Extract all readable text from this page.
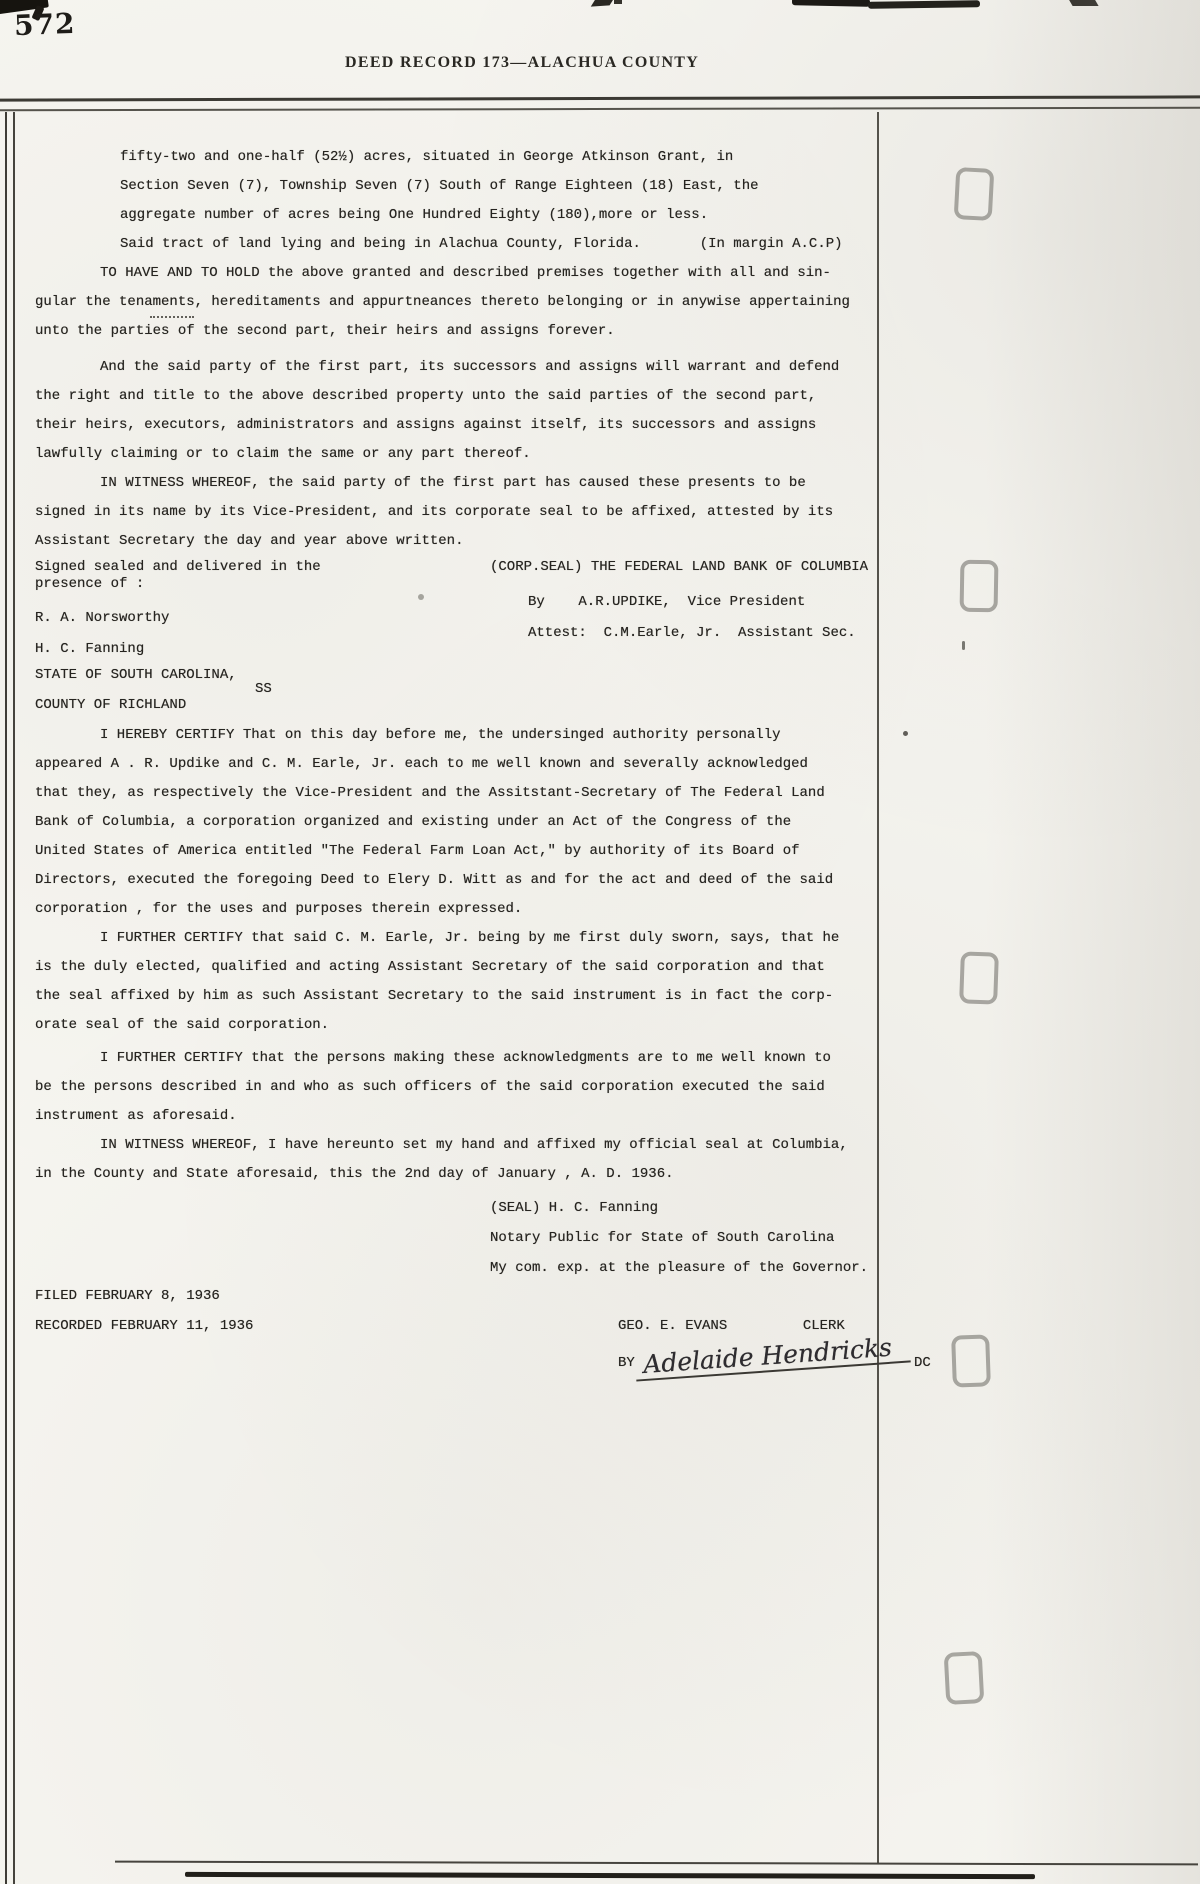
572
DEED RECORD 173—ALACHUA COUNTY
fifty-two and one-half (52½) acres, situated in George Atkinson Grant, in
Section Seven (7), Township Seven (7) South of Range Eighteen (18) East, the
aggregate number of acres being One Hundred Eighty (180),more or less.
Said tract of land lying and being in Alachua County, Florida.       (In margin A.C.P)
TO HAVE AND TO HOLD the above granted and described premises together with all and sin-
gular the tenaments, hereditaments and appurtneances thereto belonging or in anywise appertaining
unto the parties of the second part, their heirs and assigns forever.
And the said party of the first part, its successors and assigns will warrant and defend
the right and title to the above described property unto the said parties of the second part,
their heirs, executors, administrators and assigns against itself, its successors and assigns
lawfully claiming or to claim the same or any part thereof.
IN WITNESS WHEREOF, the said party of the first part has caused these presents to be
signed in its name by its Vice-President, and its corporate seal to be affixed, attested by its
Assistant Secretary the day and year above written.
Signed sealed and delivered in the	(CORP.SEAL) THE FEDERAL LAND BANK OF COLUMBIA
presence of :
By    A.R.UPDIKE,  Vice President
R. A. Norsworthy
Attest:  C.M.Earle, Jr.  Assistant Sec.
H. C. Fanning
STATE OF SOUTH CAROLINA,
SS
COUNTY OF RICHLAND
I HEREBY CERTIFY That on this day before me, the undersinged authority personally
appeared A . R. Updike and C. M. Earle, Jr. each to me well known and severally acknowledged
that they, as respectively the Vice-President and the Assitstant-Secretary of The Federal Land
Bank of Columbia, a corporation organized and existing under an Act of the Congress of the
United States of America entitled "The Federal Farm Loan Act," by authority of its Board of
Directors, executed the foregoing Deed to Elery D. Witt as and for the act and deed of the said
corporation , for the uses and purposes therein expressed.
I FURTHER CERTIFY that said C. M. Earle, Jr. being by me first duly sworn, says, that he
is the duly elected, qualified and acting Assistant Secretary of the said corporation and that
the seal affixed by him as such Assistant Secretary to the said instrument is in fact the corp-
orate seal of the said corporation.
I FURTHER CERTIFY that the persons making these acknowledgments are to me well known to
be the persons described in and who as such officers of the said corporation executed the said
instrument as aforesaid.
IN WITNESS WHEREOF, I have hereunto set my hand and affixed my official seal at Columbia,
in the County and State aforesaid, this the 2nd day of January , A. D. 1936.
(SEAL) H. C. Fanning
Notary Public for State of South Carolina
My com. exp. at the pleasure of the Governor.
FILED FEBRUARY 8, 1936
RECORDED FEBRUARY 11, 1936	GEO. E. EVANS         CLERK
BY Adelaide Hendricks	DC
